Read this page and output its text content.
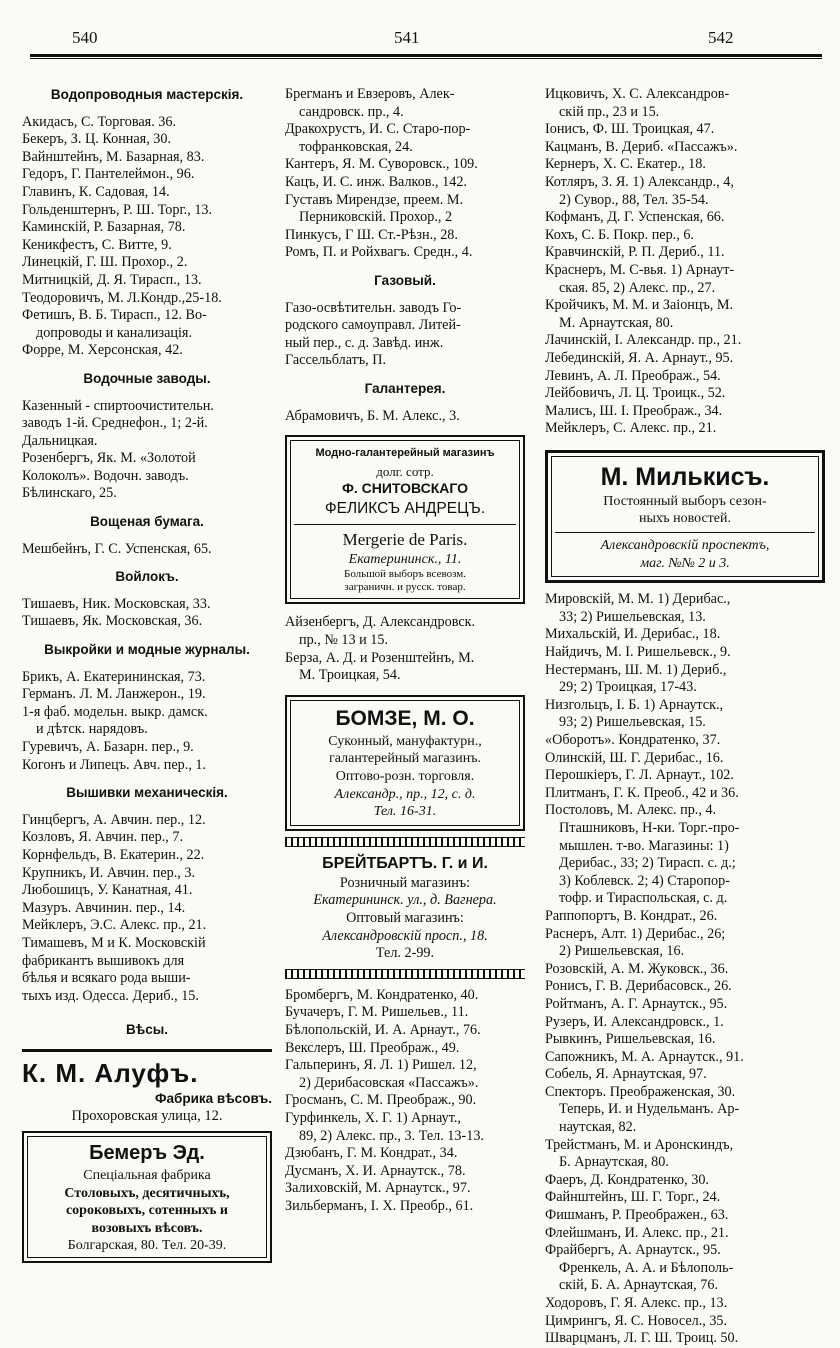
540	541	542
Водопроводныя мастерскія.
Акидасъ, С. Торговая. 36.
Бекеръ, З. Ц. Конная, 30.
Вайнштейнъ, М. Базарная, 83.
Гедоръ, Г. Пантелеймон., 96.
Главинъ, К. Садовая, 14.
Гольденштернъ, Р. Ш. Торг., 13.
Каминскій, Р. Базарная, 78.
Кеникфестъ, С. Витте, 9.
Линецкій, Г. Ш. Прохор., 2.
Митницкій, Д. Я. Тирасп., 13.
Теодоровичъ, М. Л.Кондр.,25-18.
Фетишъ, В. Б. Тирасп., 12. Во-
допроводы и канализація.
Форре, М. Херсонская, 42.
Водочные заводы.
Казенный - спиртоочистительн.
заводъ 1-й. Среднефон., 1; 2-й.
Дальницкая.
Розенбергъ, Як. М. «Золотой
Колоколъ». Водочн. заводъ.
Бѣлинскаго, 25.
Вощеная бумага.
Мешбейнъ, Г. С. Успенская, 65.
Войлокъ.
Тишаевъ, Ник. Московская, 33.
Тишаевъ, Як. Московская, 36.
Выкройки и модные журналы.
Брикъ, А. Екатерининская, 73.
Германъ. Л. М. Ланжерон., 19.
1-я фаб. модельн. выкр. дамск.
и дѣтск. нарядовъ.
Гуревичъ, А. Базарн. пер., 9.
Когонъ и Липецъ. Авч. пер., 1.
Вышивки механическія.
Гинцбергъ, А. Авчин. пер., 12.
Козловъ, Я. Авчин. пер., 7.
Корнфельдъ, В. Екатерин., 22.
Крупникъ, И. Авчин. пер., 3.
Любошицъ, У. Канатная, 41.
Мазуръ. Авчинин. пер., 14.
Мейклеръ, Э.С. Алекс. пр., 21.
Тимашевъ, М и К. Московскій
фабрикантъ вышивокъ для
бѣлья и всякаго рода выши-
тыхъ изд. Одесса. Дериб., 15.
Вѣсы.
К. М. Алуфъ.
Фабрика вѣсовъ.
Прохоровская улица, 12.
Бемеръ Эд.
Спеціальная фабрика
Столовыхъ, десятичныхъ,
сороковыхъ, сотенныхъ и
возовыхъ вѣсовъ.
Болгарская, 80. Тел. 20-39.
Брегманъ и Евзеровъ, Алек-
сандровск. пр., 4.
Дракохрустъ, И. С. Старо-пор-
тофранковская, 24.
Кантеръ, Я. М. Суворовск., 109.
Кацъ, И. С. инж. Валков., 142.
Густавъ Мирендзе, преем. М.
Перниковскій. Прохор., 2
Пинкусъ, Г Ш. Ст.-Рѣзн., 28.
Ромъ, П. и Ройхвагъ. Средн., 4.
Газовый.
Газо-освѣтительн. заводъ Го-
родского самоуправл. Литей-
ный пер., с. д. Завѣд. инж.
Гассельблатъ, П.
Галантерея.
Абрамовичъ, Б. М. Алекс., 3.
Модно-галантерейный магазинъ
долг. сотр.
Ф. СНИТОВСКАГО
ФЕЛИКСЪ АНДРЕЦЪ.
Mergerie de Paris.
Екатерининск., 11.
Большой выборъ всевозм.
заграничн. и русск. товар.
Айзенбергъ, Д. Александровск.
пр., № 13 и 15.
Берза, А. Д. и Розенштейнъ, М.
М. Троицкая, 54.
БОМЗЕ, М. О.
Суконный, мануфактурн.,
галантерейный магазинъ.
Оптово-розн. торговля.
Александр., пр., 12, с. д.
Тел. 16-31.
БРЕЙТБАРТЪ. Г. и И.
Розничный магазинъ:
Екатерининск. ул., д. Вагнера.
Оптовый магазинъ:
Александровскій просп., 18.
Тел. 2-99.
Бромбергъ, М. Кондратенко, 40.
Бучачеръ, Г. М. Ришельев., 11.
Бѣлопольскій, И. А. Арнаут., 76.
Векслеръ, Ш. Преображ., 49.
Гальперинъ, Я. Л. 1) Ришел. 12,
2) Дерибасовская «Пассажъ».
Гросманъ, С. М. Преображ., 90.
Гурфинкель, Х. Г. 1) Арнаут.,
89, 2) Алекс. пр., 3. Тел. 13-13.
Дзюбанъ, Г. М. Кондрат., 34.
Дусманъ, Х. И. Арнаутск., 78.
Залиховскій, М. Арнаутск., 97.
Зильберманъ, І. Х. Преобр., 61.
Ицковичъ, Х. С. Александров-
скій пр., 23 и 15.
Іонисъ, Ф. Ш. Троицкая, 47.
Кацманъ, В. Дериб. «Пассажъ».
Кернеръ, Х. С. Екатер., 18.
Котляръ, З. Я. 1) Александр., 4,
2) Сувор., 88, Тел. 35-54.
Кофманъ, Д. Г. Успенская, 66.
Кохъ, С. Б. Покр. пер., 6.
Кравчинскій, Р. П. Дериб., 11.
Краснеръ, М. С-вья. 1) Арнаут-
ская. 85, 2) Алекс. пр., 27.
Кройчикъ, М. М. и Заіонцъ, М.
М. Арнаутская, 80.
Лачинскій, І. Александр. пр., 21.
Лебединскій, Я. А. Арнаут., 95.
Левинъ, А. Л. Преображ., 54.
Лейбовичъ, Л. Ц. Троицк., 52.
Малисъ, Ш. І. Преображ., 34.
Мейклеръ, С. Алекс. пр., 21.
М. Милькисъ.
Постоянный выборъ сезон-
ныхъ новостей.
Александровскій проспектъ,
маг. №№ 2 и 3.
Мировскій, М. М. 1) Дерибас.,
33; 2) Ришельевская, 13.
Михальскій, И. Дерибас., 18.
Найдичъ, М. І. Ришельевск., 9.
Нестерманъ, Ш. М. 1) Дериб.,
29; 2) Троицкая, 17-43.
Низгольцъ, І. Б. 1) Арнаутск.,
93; 2) Ришельевская, 15.
«Оборотъ». Кондратенко, 37.
Олинскій, Ш. Г. Дерибас., 16.
Перошкіеръ, Г. Л. Арнаут., 102.
Плитманъ, Г. К. Преоб., 42 и 36.
Постоловъ, М. Алекс. пр., 4.
Пташниковъ, Н-ки. Торг.-про-
мышлен. т-во. Магазины: 1)
Дерибас., 33; 2) Тирасп. с. д.;
3) Коблевск. 2; 4) Старопор-
тофр. и Тираспольская, с. д.
Раппопортъ, В. Кондрат., 26.
Раснеръ, Алт. 1) Дерибас., 26;
2) Ришельевская, 16.
Розовскій, А. М. Жуковск., 36.
Ронисъ, Г. В. Дерибасовск., 26.
Ройтманъ, А. Г. Арнаутск., 95.
Рузеръ, И. Александровск., 1.
Рывкинъ, Ришельевская, 16.
Сапожникъ, М. А. Арнаутск., 91.
Собель, Я. Арнаутская, 97.
Спекторъ. Преображенская, 30.
Теперь, И. и Нудельманъ. Ар-
наутская, 82.
Трейстманъ, М. и Аронскиндъ,
Б. Арнаутская, 80.
Фаеръ, Д. Кондратенко, 30.
Файнштейнъ, Ш. Г. Торг., 24.
Фишманъ, Р. Преображен., 63.
Флейшманъ, И. Алекс. пр., 21.
Фрайбергъ, А. Арнаутск., 95.
Френкель, А. А. и Бѣлополь-
скій, Б. А. Арнаутская, 76.
Ходоровъ, Г. Я. Алекс. пр., 13.
Цимрингъ, Я. С. Новосел., 35.
Шварцманъ, Л. Г. Ш. Троиц. 50.
